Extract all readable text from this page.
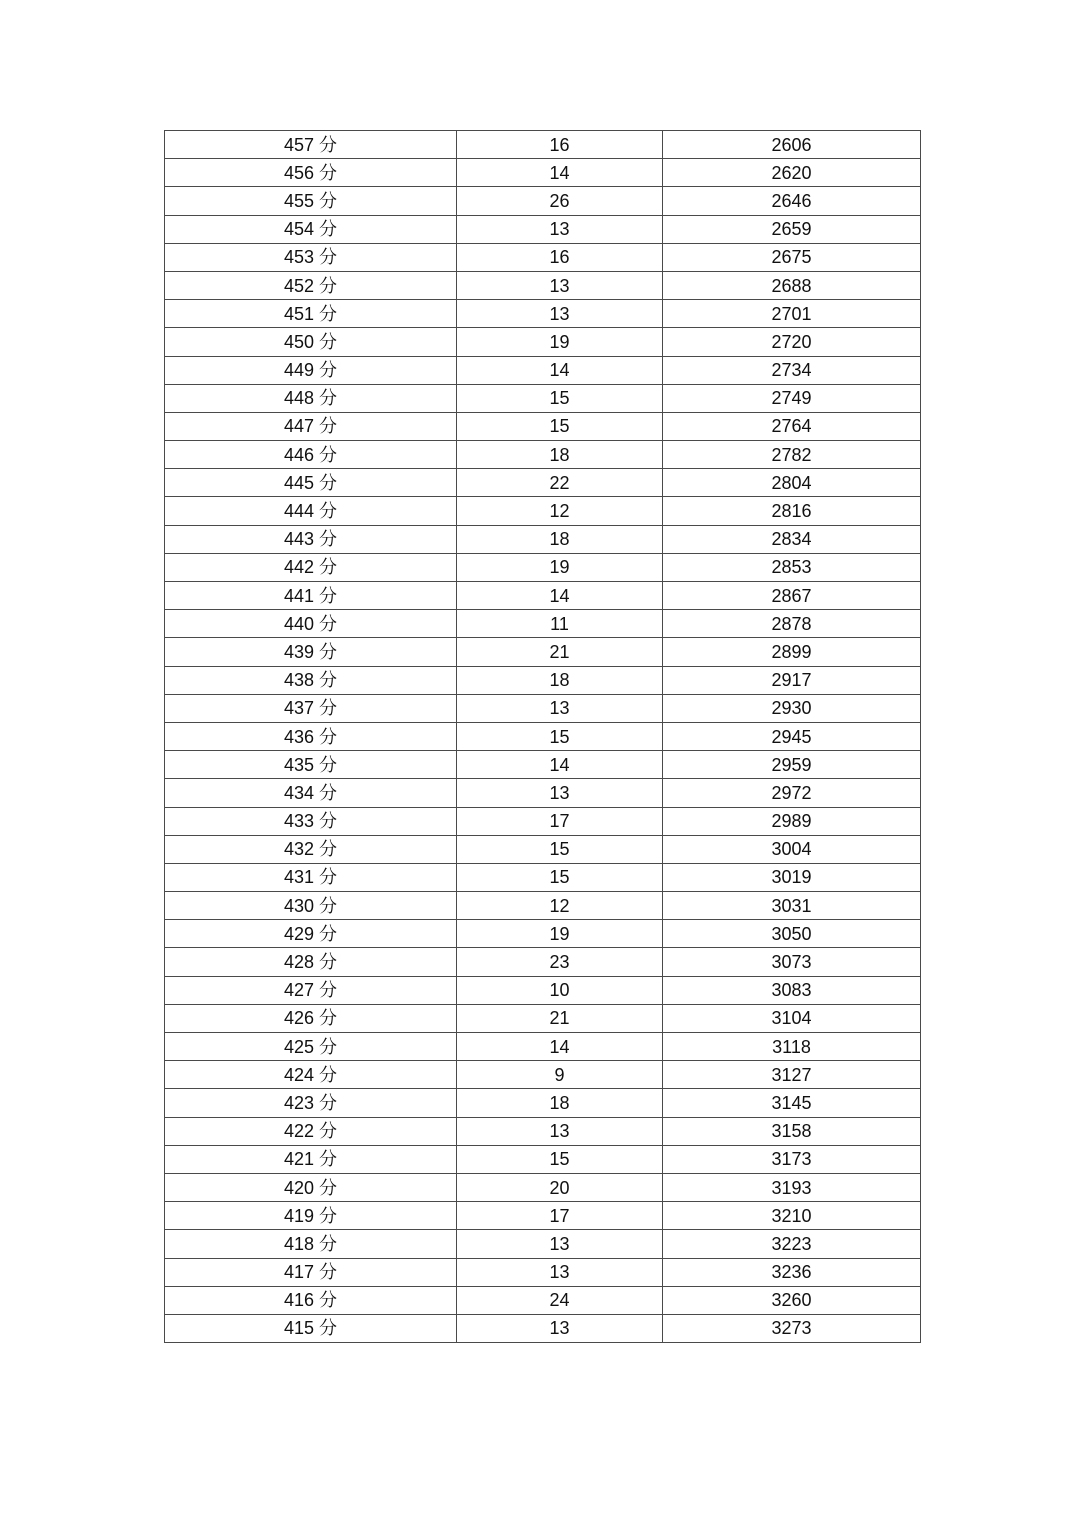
457 分	16	2606
456 分	14	2620
455 分	26	2646
454 分	13	2659
453 分	16	2675
452 分	13	2688
451 分	13	2701
450 分	19	2720
449 分	14	2734
448 分	15	2749
447 分	15	2764
446 分	18	2782
445 分	22	2804
444 分	12	2816
443 分	18	2834
442 分	19	2853
441 分	14	2867
440 分	11	2878
439 分	21	2899
438 分	18	2917
437 分	13	2930
436 分	15	2945
435 分	14	2959
434 分	13	2972
433 分	17	2989
432 分	15	3004
431 分	15	3019
430 分	12	3031
429 分	19	3050
428 分	23	3073
427 分	10	3083
426 分	21	3104
425 分	14	3118
424 分	9	3127
423 分	18	3145
422 分	13	3158
421 分	15	3173
420 分	20	3193
419 分	17	3210
418 分	13	3223
417 分	13	3236
416 分	24	3260
415 分	13	3273
